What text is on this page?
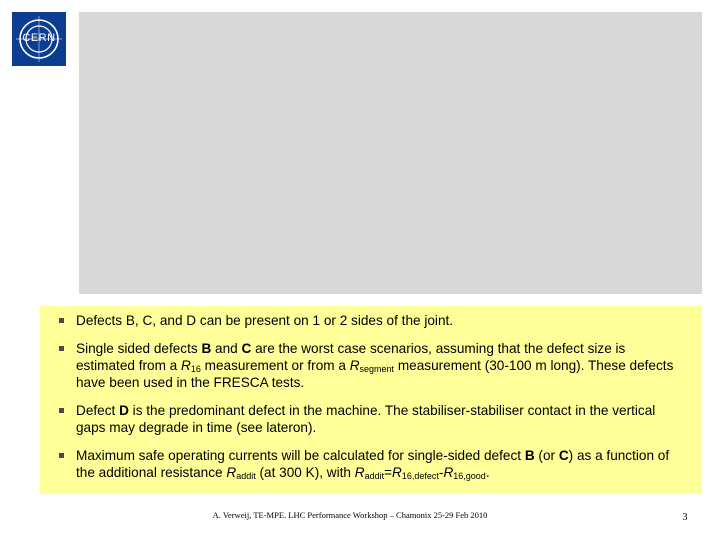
CERN
Defects B, C, and D can be present on 1 or 2 sides of the joint.
Single sided defects B and C are the worst case scenarios, assuming that the defect size is estimated from a $R_{16}$ measurement or from a $R_{segment}$ measurement (30-100 m long). These defects have been used in the FRESCA tests.
Defect D is the predominant defect in the machine. The stabiliser-stabiliser contact in the vertical gaps may degrade in time (see lateron).
Maximum safe operating currents will be calculated for single-sided defect B (or C) as a function of the additional resistance $R_{addit}$ (at 300 K), with $R_{addit}=R_{16,defect}-R_{16,good}$.
A. Verweij, TE-MPE. LHC Performance Workshop – Chamonix 25-29 Feb 2010	3
